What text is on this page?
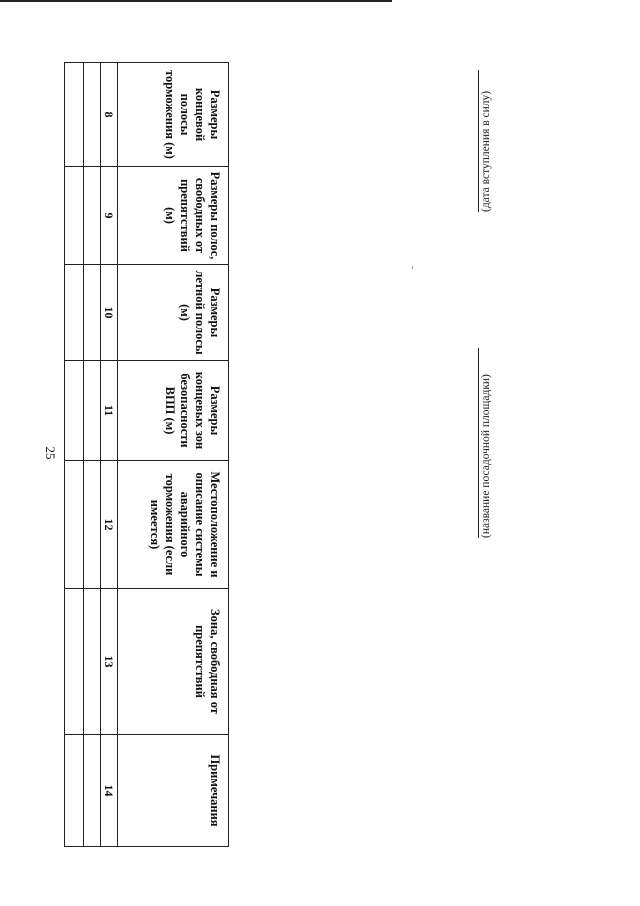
25
Размеры концевой полосы торможения (м)	Размеры полос, свободных от препятствий (м)	Размеры летной полосы (м)	Размеры концевых зон безопасности ВПП (м)	Местоположение и описание системы аварийного торможения (если имеется)	Зона, свободная от препятствий	Примечания
8	9	10	11	12	13	14

(название посадочной площадки)
(дата вступления в силу)
